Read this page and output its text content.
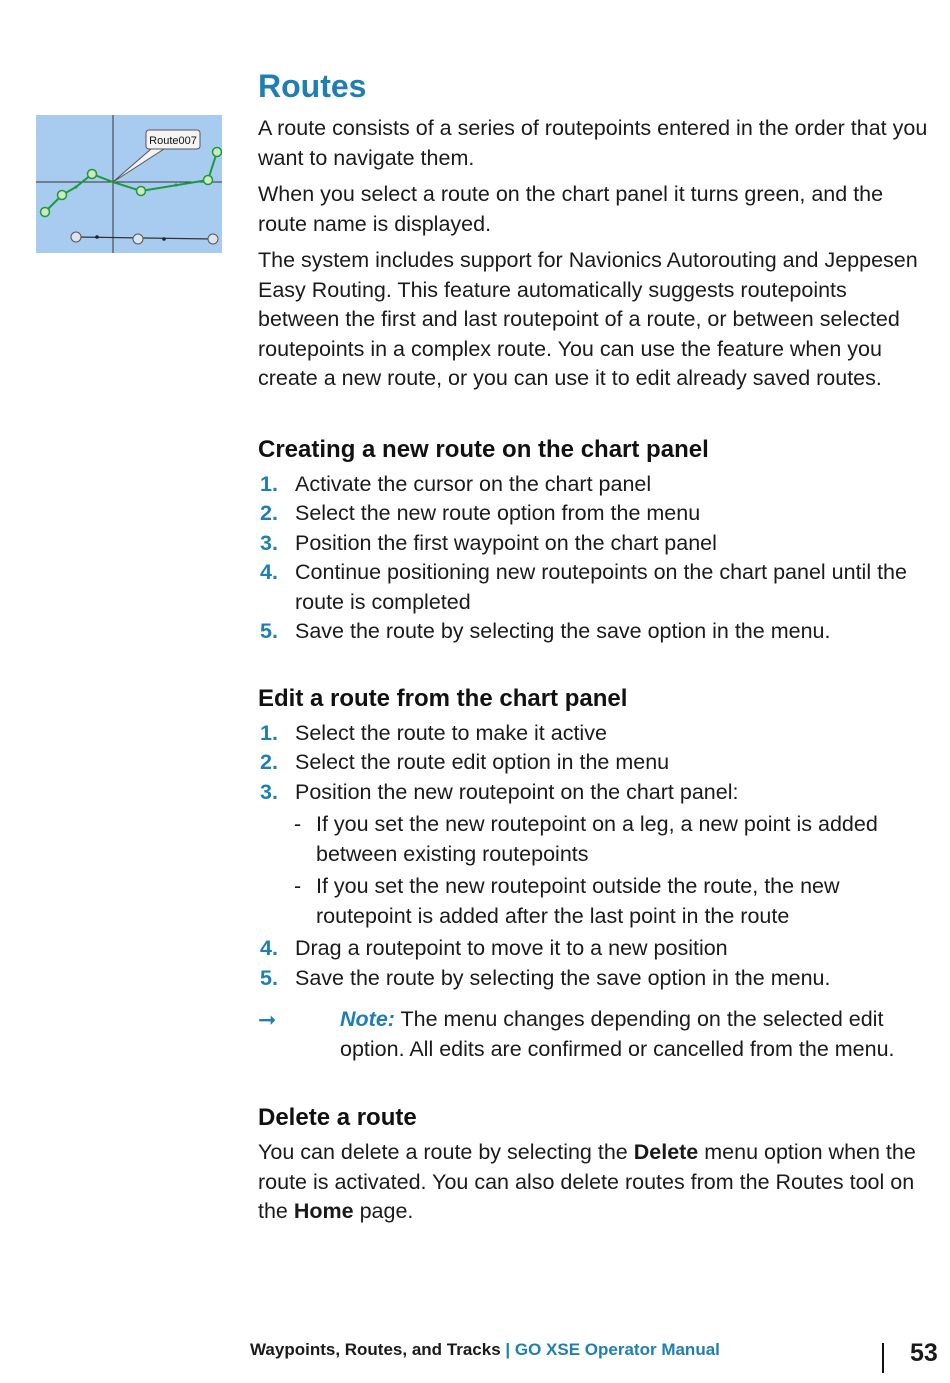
Route007
Routes

A route consists of a series of routepoints entered in the order that you want to navigate them.

When you select a route on the chart panel it turns green, and the route name is displayed.

The system includes support for Navionics Autorouting and Jeppesen Easy Routing. This feature automatically suggests routepoints between the first and last routepoint of a route, or between selected routepoints in a complex route. You can use the feature when you create a new route, or you can use it to edit already saved routes.

Creating a new route on the chart panel
1. Activate the cursor on the chart panel
2. Select the new route option from the menu
3. Position the first waypoint on the chart panel
4. Continue positioning new routepoints on the chart panel until the route is completed
5. Save the route by selecting the save option in the menu.
Edit a route from the chart panel
1. Select the route to make it active
2. Select the route edit option in the menu
3. Position the new routepoint on the chart panel:
- If you set the new routepoint on a leg, a new point is added between existing routepoints
- If you set the new routepoint outside the route, the new routepoint is added after the last point in the route
4. Drag a routepoint to move it to a new position
5. Save the route by selecting the save option in the menu.
➞	Note: The menu changes depending on the selected edit option. All edits are confirmed or cancelled from the menu.
Delete a route

You can delete a route by selecting the Delete menu option when the route is activated. You can also delete routes from the Routes tool on the Home page.

Waypoints, Routes, and Tracks | GO XSE Operator Manual	53
